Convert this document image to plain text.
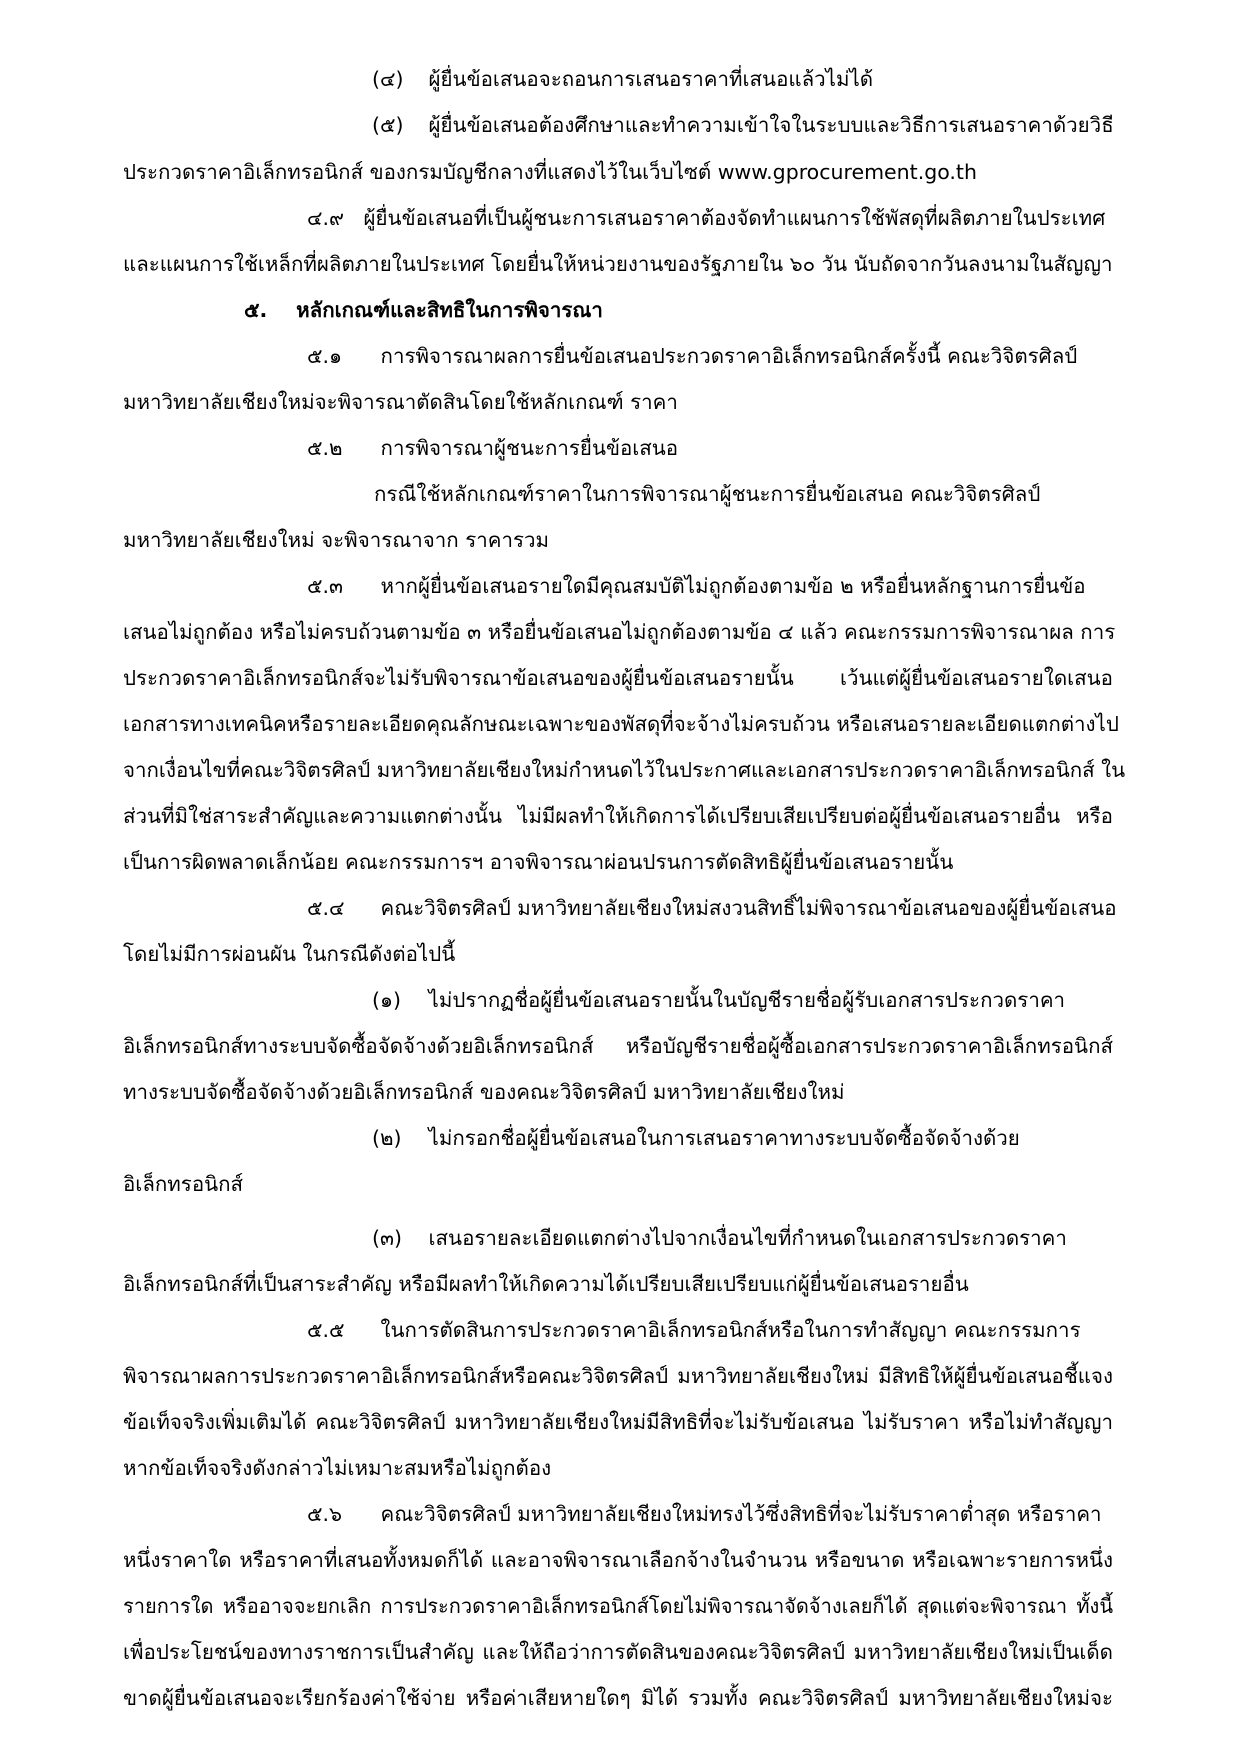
(๔) ผู้ยื่นข้อเสนอจะถอนการเสนอราคาที่เสนอแล้วไม่ได้
(๕) ผู้ยื่นข้อเสนอต้องศึกษาและทำความเข้าใจในระบบและวิธีการเสนอราคาด้วยวิธี
ประกวดราคาอิเล็กทรอนิกส์ ของกรมบัญชีกลางที่แสดงไว้ในเว็บไซต์ www.gprocurement.go.th
๔.๙ ผู้ยื่นข้อเสนอที่เป็นผู้ชนะการเสนอราคาต้องจัดทำแผนการใช้พัสดุที่ผลิตภายในประเทศ
และแผนการใช้เหล็กที่ผลิตภายในประเทศ โดยยื่นให้หน่วยงานของรัฐภายใน ๖๐ วัน นับถัดจากวันลงนามในสัญญา
๕. หลักเกณฑ์และสิทธิในการพิจารณา
๕.๑ การพิจารณาผลการยื่นข้อเสนอประกวดราคาอิเล็กทรอนิกส์ครั้งนี้ คณะวิจิตรศิลป์
มหาวิทยาลัยเชียงใหม่จะพิจารณาตัดสินโดยใช้หลักเกณฑ์ ราคา
๕.๒ การพิจารณาผู้ชนะการยื่นข้อเสนอ
กรณีใช้หลักเกณฑ์ราคาในการพิจารณาผู้ชนะการยื่นข้อเสนอ คณะวิจิตรศิลป์
มหาวิทยาลัยเชียงใหม่ จะพิจารณาจาก ราคารวม
๕.๓ หากผู้ยื่นข้อเสนอรายใดมีคุณสมบัติไม่ถูกต้องตามข้อ ๒ หรือยื่นหลักฐานการยื่นข้อ
เสนอไม่ถูกต้อง หรือไม่ครบถ้วนตามข้อ ๓ หรือยื่นข้อเสนอไม่ถูกต้องตามข้อ ๔ แล้ว คณะกรรมการพิจารณาผล การ
ประกวดราคาอิเล็กทรอนิกส์จะไม่รับพิจารณาข้อเสนอของผู้ยื่นข้อเสนอรายนั้น เว้นแต่ผู้ยื่นข้อเสนอรายใดเสนอ
เอกสารทางเทคนิคหรือรายละเอียดคุณลักษณะเฉพาะของพัสดุที่จะจ้างไม่ครบถ้วน หรือเสนอรายละเอียดแตกต่างไป
จากเงื่อนไขที่คณะวิจิตรศิลป์ มหาวิทยาลัยเชียงใหม่กำหนดไว้ในประกาศและเอกสารประกวดราคาอิเล็กทรอนิกส์ ใน
ส่วนที่มิใช่สาระสำคัญและความแตกต่างนั้น ไม่มีผลทำให้เกิดการได้เปรียบเสียเปรียบต่อผู้ยื่นข้อเสนอรายอื่น หรือ
เป็นการผิดพลาดเล็กน้อย คณะกรรมการฯ อาจพิจารณาผ่อนปรนการตัดสิทธิผู้ยื่นข้อเสนอรายนั้น
๕.๔ คณะวิจิตรศิลป์ มหาวิทยาลัยเชียงใหม่สงวนสิทธิ์ไม่พิจารณาข้อเสนอของผู้ยื่นข้อเสนอ
โดยไม่มีการผ่อนผัน ในกรณีดังต่อไปนี้
(๑) ไม่ปรากฏชื่อผู้ยื่นข้อเสนอรายนั้นในบัญชีรายชื่อผู้รับเอกสารประกวดราคา
อิเล็กทรอนิกส์ทางระบบจัดซื้อจัดจ้างด้วยอิเล็กทรอนิกส์ หรือบัญชีรายชื่อผู้ซื้อเอกสารประกวดราคาอิเล็กทรอนิกส์
ทางระบบจัดซื้อจัดจ้างด้วยอิเล็กทรอนิกส์ ของคณะวิจิตรศิลป์ มหาวิทยาลัยเชียงใหม่
(๒) ไม่กรอกชื่อผู้ยื่นข้อเสนอในการเสนอราคาทางระบบจัดซื้อจัดจ้างด้วย
อิเล็กทรอนิกส์
(๓) เสนอรายละเอียดแตกต่างไปจากเงื่อนไขที่กำหนดในเอกสารประกวดราคา
อิเล็กทรอนิกส์ที่เป็นสาระสำคัญ หรือมีผลทำให้เกิดความได้เปรียบเสียเปรียบแก่ผู้ยื่นข้อเสนอรายอื่น
๕.๕ ในการตัดสินการประกวดราคาอิเล็กทรอนิกส์หรือในการทำสัญญา คณะกรรมการ
พิจารณาผลการประกวดราคาอิเล็กทรอนิกส์หรือคณะวิจิตรศิลป์ มหาวิทยาลัยเชียงใหม่ มีสิทธิให้ผู้ยื่นข้อเสนอชี้แจง
ข้อเท็จจริงเพิ่มเติมได้ คณะวิจิตรศิลป์ มหาวิทยาลัยเชียงใหม่มีสิทธิที่จะไม่รับข้อเสนอ ไม่รับราคา หรือไม่ทำสัญญา
หากข้อเท็จจริงดังกล่าวไม่เหมาะสมหรือไม่ถูกต้อง
๕.๖ คณะวิจิตรศิลป์ มหาวิทยาลัยเชียงใหม่ทรงไว้ซึ่งสิทธิที่จะไม่รับราคาต่ำสุด หรือราคา
หนึ่งราคาใด หรือราคาที่เสนอทั้งหมดก็ได้ และอาจพิจารณาเลือกจ้างในจำนวน หรือขนาด หรือเฉพาะรายการหนึ่ง
รายการใด หรืออาจจะยกเลิก การประกวดราคาอิเล็กทรอนิกส์โดยไม่พิจารณาจัดจ้างเลยก็ได้ สุดแต่จะพิจารณา ทั้งนี้
เพื่อประโยชน์ของทางราชการเป็นสำคัญ และให้ถือว่าการตัดสินของคณะวิจิตรศิลป์ มหาวิทยาลัยเชียงใหม่เป็นเด็ด
ขาดผู้ยื่นข้อเสนอจะเรียกร้องค่าใช้จ่าย หรือค่าเสียหายใดๆ มิได้ รวมทั้ง คณะวิจิตรศิลป์ มหาวิทยาลัยเชียงใหม่จะ
